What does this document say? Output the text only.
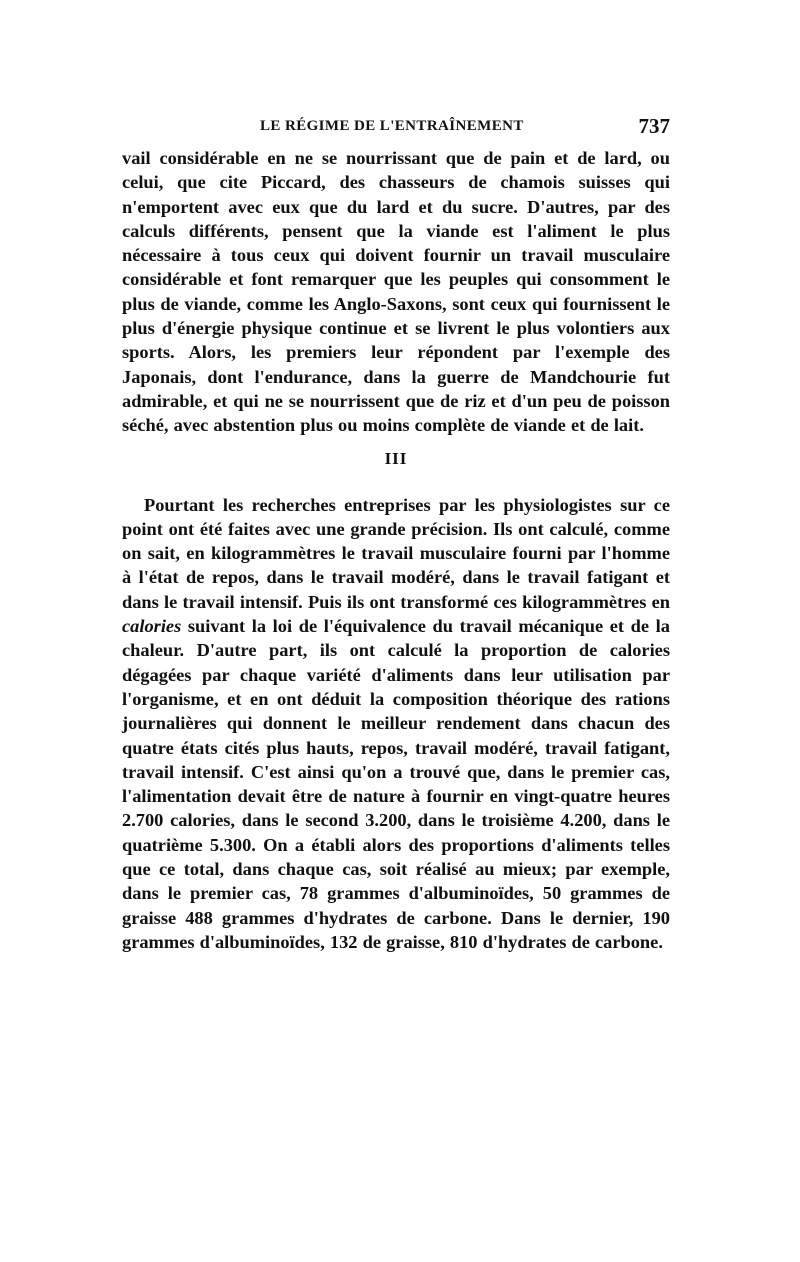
LE RÉGIME DE L'ENTRAÎNEMENT	737

vail considérable en ne se nourrissant que de pain et de lard, ou celui, que cite Piccard, des chasseurs de chamois suisses qui n'emportent avec eux que du lard et du sucre. D'autres, par des calculs différents, pensent que la viande est l'aliment le plus nécessaire à tous ceux qui doivent fournir un travail musculaire considérable et font remarquer que les peuples qui consomment le plus de viande, comme les Anglo-Saxons, sont ceux qui fournissent le plus d'énergie physique continue et se livrent le plus volontiers aux sports. Alors, les premiers leur répondent par l'exemple des Japonais, dont l'endurance, dans la guerre de Mandchourie fut admirable, et qui ne se nourrissent que de riz et d'un peu de poisson séché, avec abstention plus ou moins complète de viande et de lait.

III

Pourtant les recherches entreprises par les physiologistes sur ce point ont été faites avec une grande précision. Ils ont calculé, comme on sait, en kilogrammètres le travail musculaire fourni par l'homme à l'état de repos, dans le travail modéré, dans le travail fatigant et dans le travail intensif. Puis ils ont transformé ces kilogrammètres en calories suivant la loi de l'équivalence du travail mécanique et de la chaleur. D'autre part, ils ont calculé la proportion de calories dégagées par chaque variété d'aliments dans leur utilisation par l'organisme, et en ont déduit la composition théorique des rations journalières qui donnent le meilleur rendement dans chacun des quatre états cités plus hauts, repos, travail modéré, travail fatigant, travail intensif. C'est ainsi qu'on a trouvé que, dans le premier cas, l'alimentation devait être de nature à fournir en vingt-quatre heures 2.700 calories, dans le second 3.200, dans le troisième 4.200, dans le quatrième 5.300. On a établi alors des proportions d'aliments telles que ce total, dans chaque cas, soit réalisé au mieux; par exemple, dans le premier cas, 78 grammes d'albuminoïdes, 50 grammes de graisse 488 grammes d'hydrates de carbone. Dans le dernier, 190 grammes d'albuminoïdes, 132 de graisse, 810 d'hydrates de carbone.
